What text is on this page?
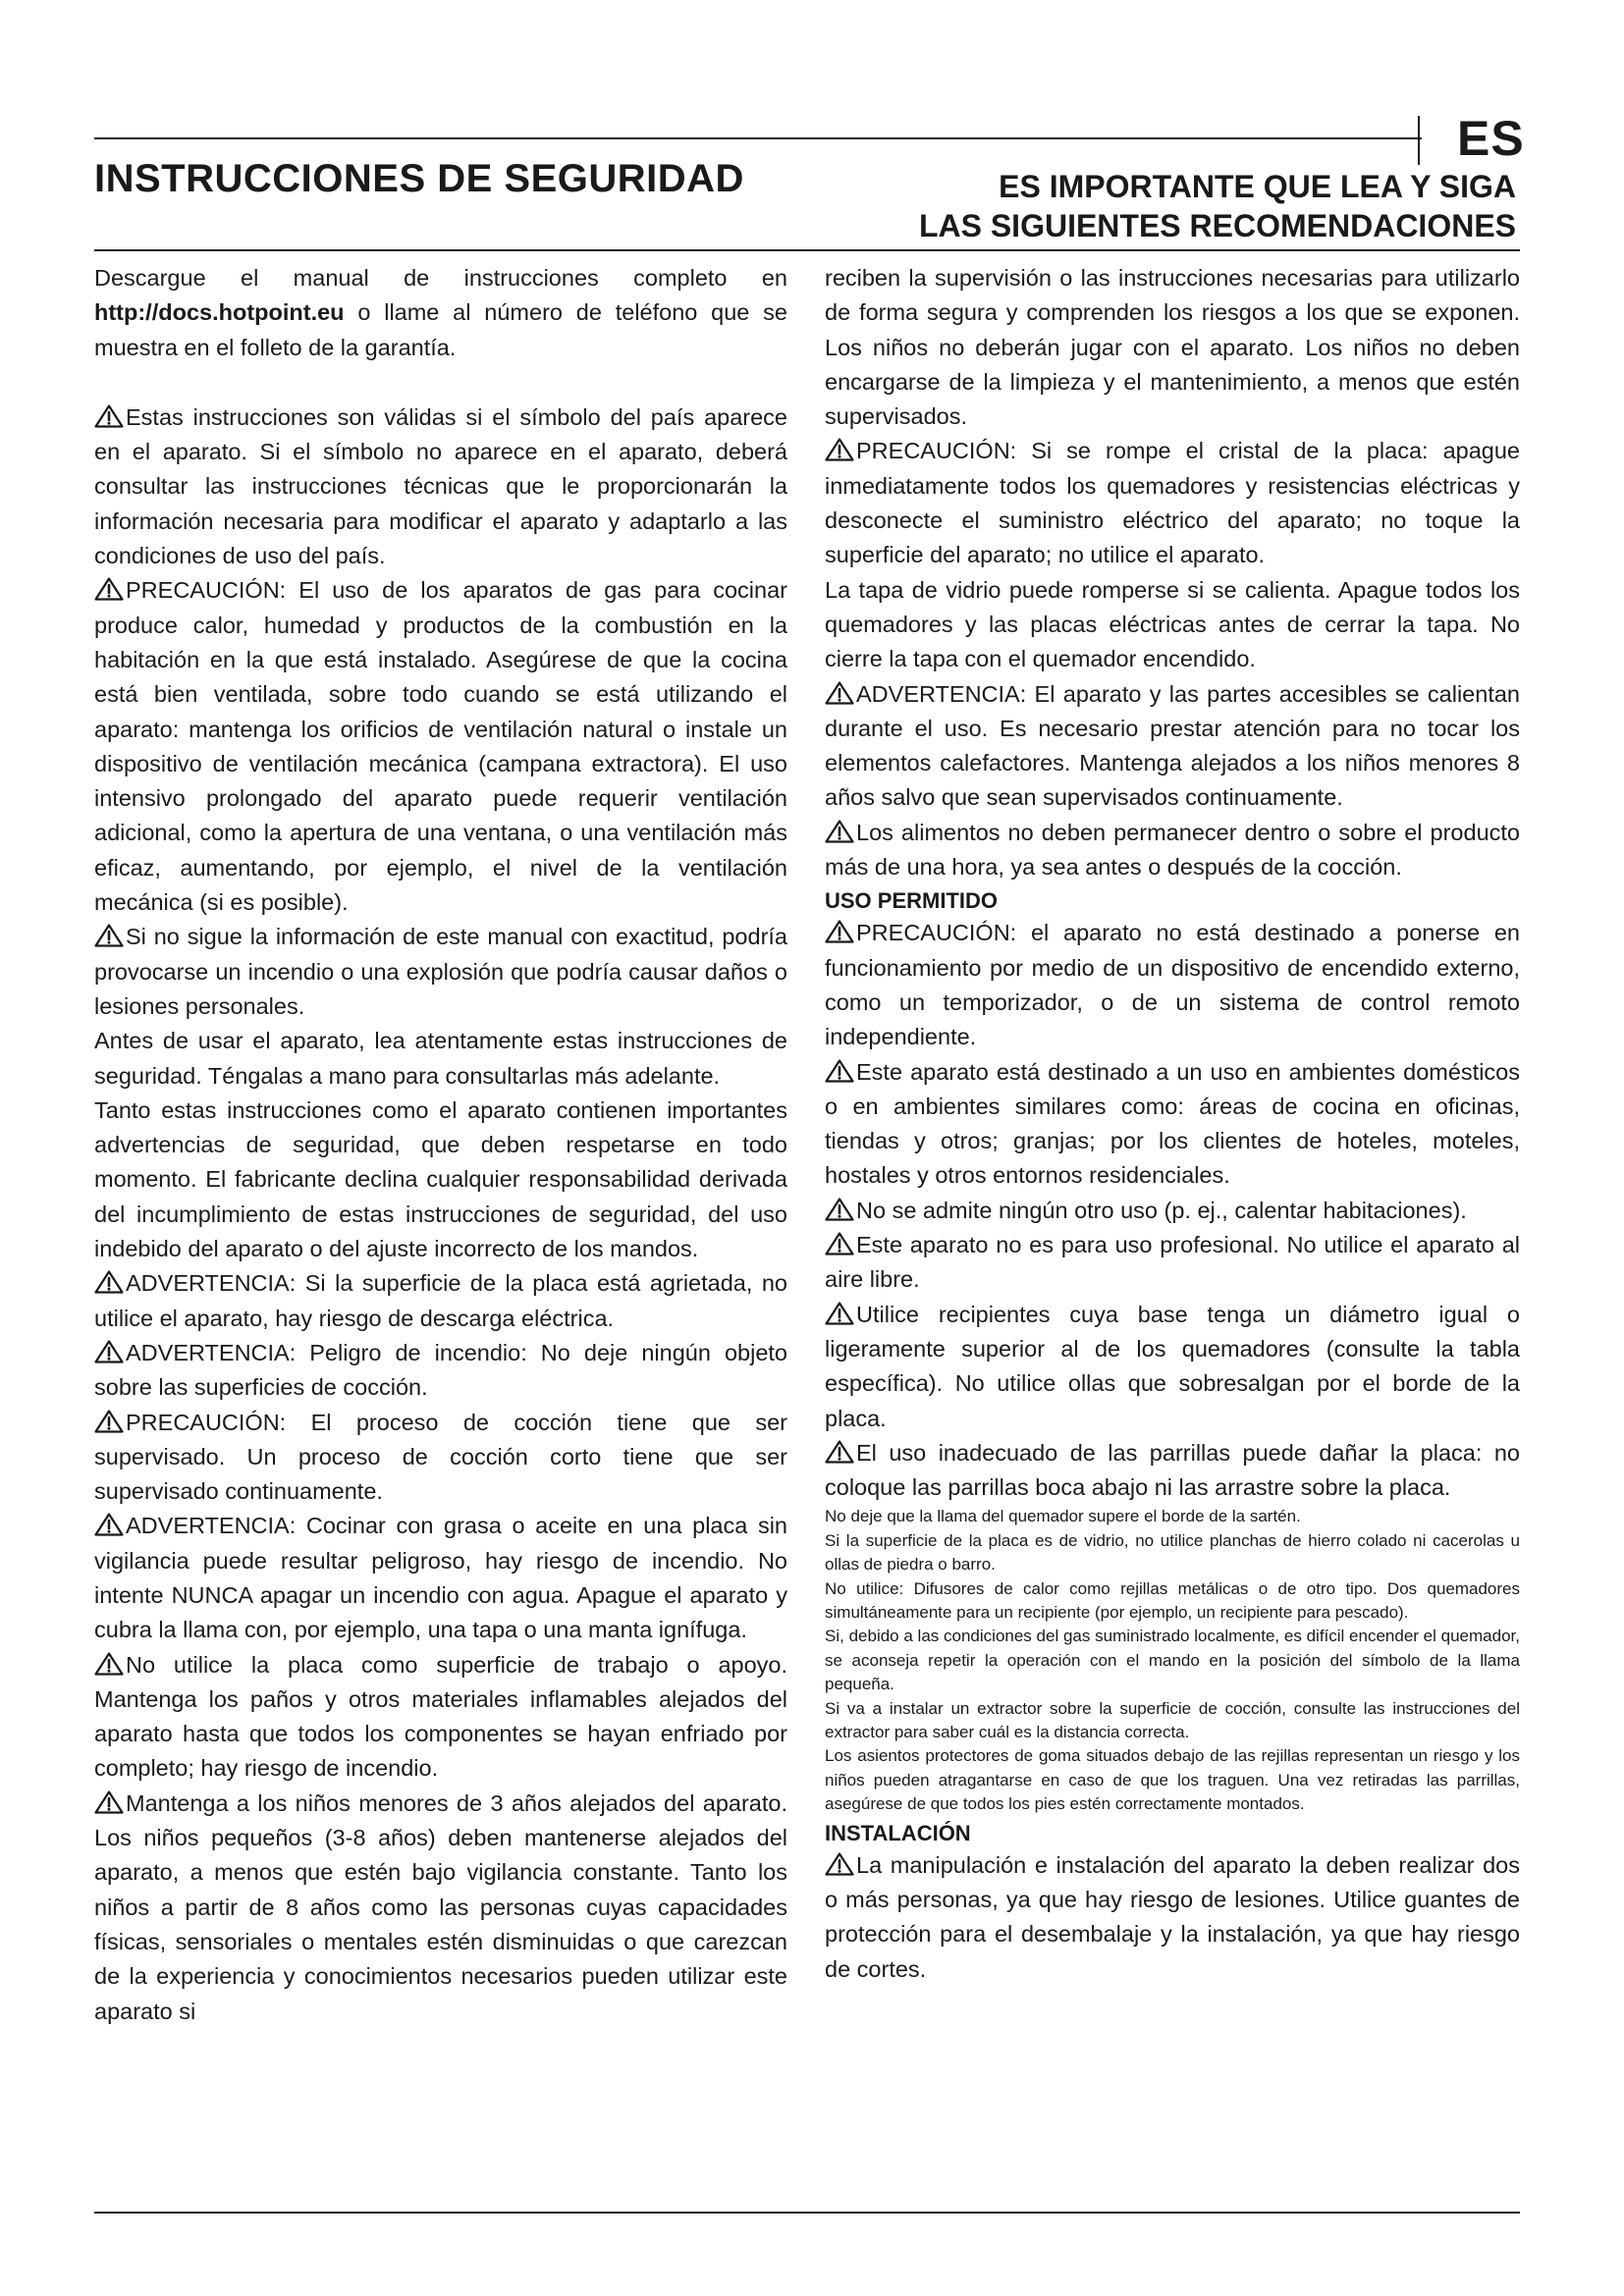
ES
INSTRUCCIONES DE SEGURIDAD	ES IMPORTANTE QUE LEA Y SIGA
LAS SIGUIENTES RECOMENDACIONES

Descargue el manual de instrucciones completo en http://docs.hotpoint.eu o llame al número de teléfono que se muestra en el folleto de la garantía.

Estas instrucciones son válidas si el símbolo del país aparece en el aparato. Si el símbolo no aparece en el aparato, deberá consultar las instrucciones técnicas que le proporcionarán la información necesaria para modificar el aparato y adaptarlo a las condiciones de uso del país.

PRECAUCIÓN: El uso de los aparatos de gas para cocinar produce calor, humedad y productos de la combustión en la habitación en la que está instalado. Asegúrese de que la cocina está bien ventilada, sobre todo cuando se está utilizando el aparato: mantenga los orificios de ventilación natural o instale un dispositivo de ventilación mecánica (campana extractora). El uso intensivo prolongado del aparato puede requerir ventilación adicional, como la apertura de una ventana, o una ventilación más eficaz, aumentando, por ejemplo, el nivel de la ventilación mecánica (si es posible).

Si no sigue la información de este manual con exactitud, podría provocarse un incendio o una explosión que podría causar daños o lesiones personales.

Antes de usar el aparato, lea atentamente estas instrucciones de seguridad. Téngalas a mano para consultarlas más adelante.

Tanto estas instrucciones como el aparato contienen importantes advertencias de seguridad, que deben respetarse en todo momento. El fabricante declina cualquier responsabilidad derivada del incumplimiento de estas instrucciones de seguridad, del uso indebido del aparato o del ajuste incorrecto de los mandos.

ADVERTENCIA: Si la superficie de la placa está agrietada, no utilice el aparato, hay riesgo de descarga eléctrica.

ADVERTENCIA: Peligro de incendio: No deje ningún objeto sobre las superficies de cocción.

PRECAUCIÓN: El proceso de cocción tiene que ser supervisado. Un proceso de cocción corto tiene que ser supervisado continuamente.

ADVERTENCIA: Cocinar con grasa o aceite en una placa sin vigilancia puede resultar peligroso, hay riesgo de incendio. No intente NUNCA apagar un incendio con agua. Apague el aparato y cubra la llama con, por ejemplo, una tapa o una manta ignífuga.

No utilice la placa como superficie de trabajo o apoyo. Mantenga los paños y otros materiales inflamables alejados del aparato hasta que todos los componentes se hayan enfriado por completo; hay riesgo de incendio.

Mantenga a los niños menores de 3 años alejados del aparato. Los niños pequeños (3-8 años) deben mantenerse alejados del aparato, a menos que estén bajo vigilancia constante. Tanto los niños a partir de 8 años como las personas cuyas capacidades físicas, sensoriales o mentales estén disminuidas o que carezcan de la experiencia y conocimientos necesarios pueden utilizar este aparato si

reciben la supervisión o las instrucciones necesarias para utilizarlo de forma segura y comprenden los riesgos a los que se exponen. Los niños no deberán jugar con el aparato. Los niños no deben encargarse de la limpieza y el mantenimiento, a menos que estén supervisados.

PRECAUCIÓN: Si se rompe el cristal de la placa: apague inmediatamente todos los quemadores y resistencias eléctricas y desconecte el suministro eléctrico del aparato; no toque la superficie del aparato; no utilice el aparato.

La tapa de vidrio puede romperse si se calienta. Apague todos los quemadores y las placas eléctricas antes de cerrar la tapa. No cierre la tapa con el quemador encendido.

ADVERTENCIA: El aparato y las partes accesibles se calientan durante el uso. Es necesario prestar atención para no tocar los elementos calefactores. Mantenga alejados a los niños menores 8 años salvo que sean supervisados continuamente.

Los alimentos no deben permanecer dentro o sobre el producto más de una hora, ya sea antes o después de la cocción.

USO PERMITIDO

PRECAUCIÓN: el aparato no está destinado a ponerse en funcionamiento por medio de un dispositivo de encendido externo, como un temporizador, o de un sistema de control remoto independiente.

Este aparato está destinado a un uso en ambientes domésticos o en ambientes similares como: áreas de cocina en oficinas, tiendas y otros; granjas; por los clientes de hoteles, moteles, hostales y otros entornos residenciales.

No se admite ningún otro uso (p. ej., calentar habitaciones).

Este aparato no es para uso profesional. No utilice el aparato al aire libre.

Utilice recipientes cuya base tenga un diámetro igual o ligeramente superior al de los quemadores (consulte la tabla específica). No utilice ollas que sobresalgan por el borde de la placa.

El uso inadecuado de las parrillas puede dañar la placa: no coloque las parrillas boca abajo ni las arrastre sobre la placa.

No deje que la llama del quemador supere el borde de la sartén.

Si la superficie de la placa es de vidrio, no utilice planchas de hierro colado ni cacerolas u ollas de piedra o barro.

No utilice: Difusores de calor como rejillas metálicas o de otro tipo. Dos quemadores simultáneamente para un recipiente (por ejemplo, un recipiente para pescado).

Si, debido a las condiciones del gas suministrado localmente, es difícil encender el quemador, se aconseja repetir la operación con el mando en la posición del símbolo de la llama pequeña.

Si va a instalar un extractor sobre la superficie de cocción, consulte las instrucciones del extractor para saber cuál es la distancia correcta.

Los asientos protectores de goma situados debajo de las rejillas representan un riesgo y los niños pueden atragantarse en caso de que los traguen. Una vez retiradas las parrillas, asegúrese de que todos los pies estén correctamente montados.

INSTALACIÓN

La manipulación e instalación del aparato la deben realizar dos o más personas, ya que hay riesgo de lesiones. Utilice guantes de protección para el desembalaje y la instalación, ya que hay riesgo de cortes.
